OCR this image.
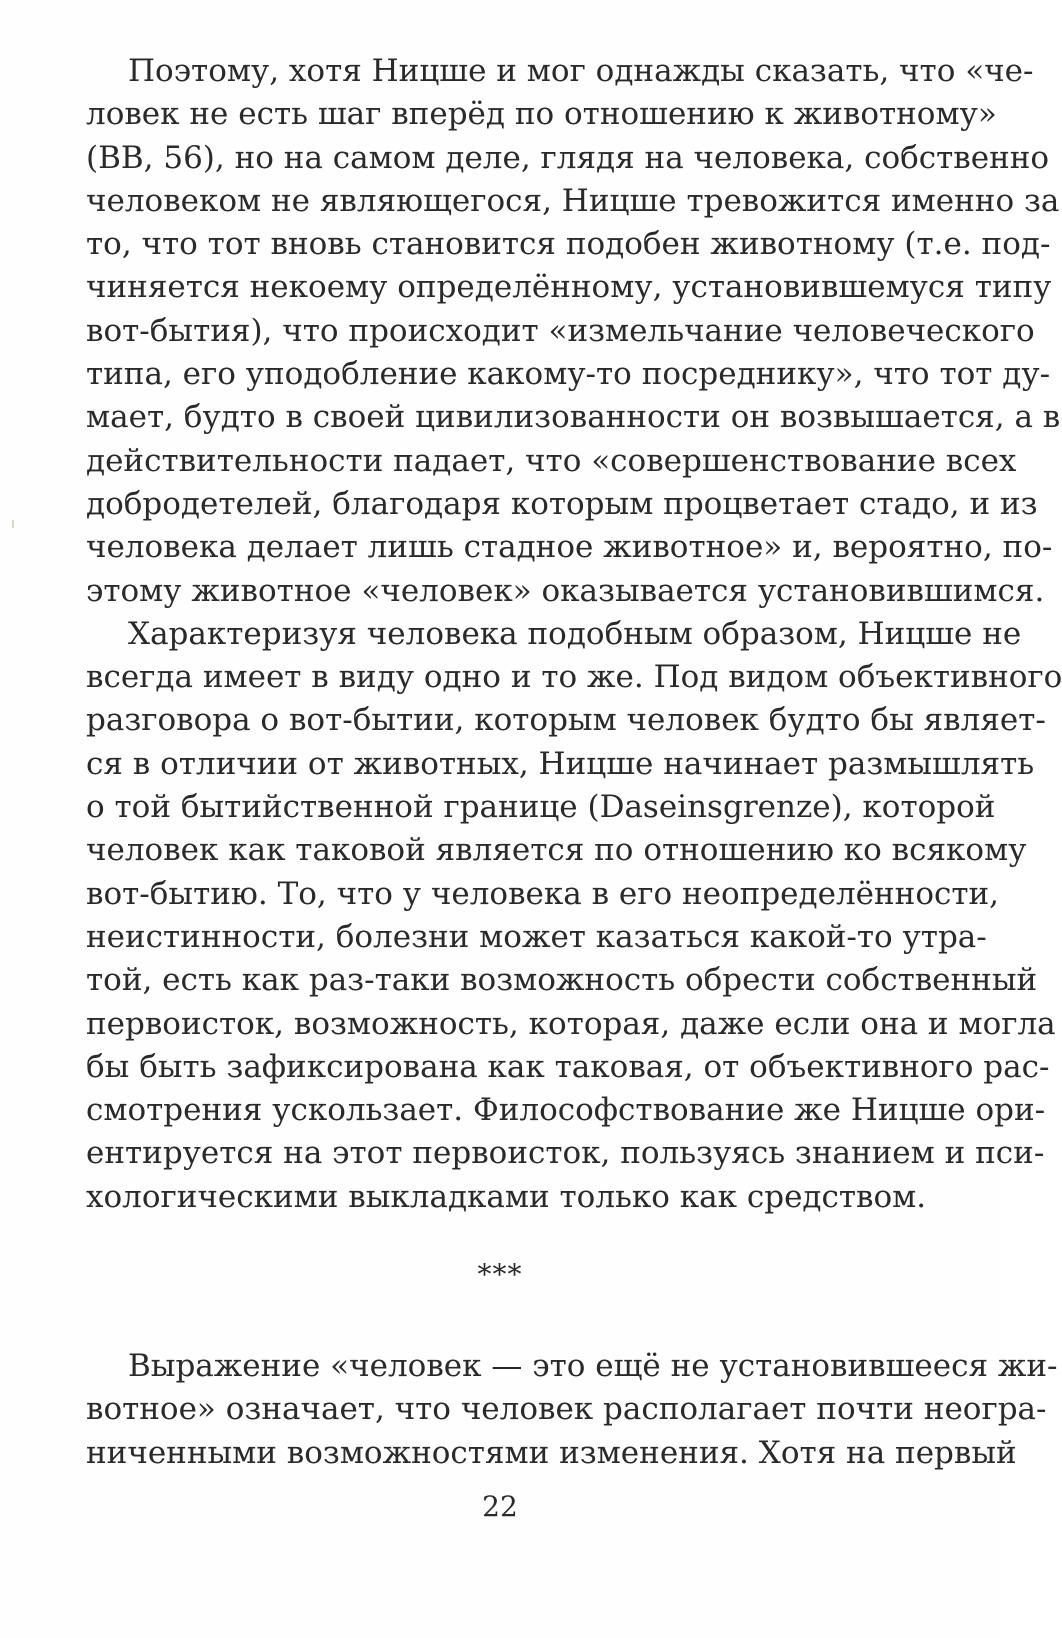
Поэтому, хотя Ницше и мог однажды сказать, что «че-
ловек не есть шаг вперёд по отношению к животному»
(ВВ, 56), но на самом деле, глядя на человека, собственно
человеком не являющегося, Ницше тревожится именно за
то, что тот вновь становится подобен животному (т.е. под-
чиняется некоему определённому, установившемуся типу
вот-бытия), что происходит «измельчание человеческого
типа, его уподобление какому-то посреднику», что тот ду-
мает, будто в своей цивилизованности он возвышается, а в
действительности падает, что «совершенствование всех
добродетелей, благодаря которым процветает стадо, и из
человека делает лишь стадное животное» и, вероятно, по-
этому животное «человек» оказывается установившимся.
Характеризуя человека подобным образом, Ницше не
всегда имеет в виду одно и то же. Под видом объективного
разговора о вот-бытии, которым человек будто бы являет-
ся в отличии от животных, Ницше начинает размышлять
о той бытийственной границе (Daseinsgrenze), которой
человек как таковой является по отношению ко всякому
вот-бытию. То, что у человека в его неопределённости,
неистинности, болезни может казаться какой-то утра-
той, есть как раз-таки возможность обрести собственный
первоисток, возможность, которая, даже если она и могла
бы быть зафиксирована как таковая, от объективного рас-
смотрения ускользает. Философствование же Ницше ори-
ентируется на этот первоисток, пользуясь знанием и пси-
хологическими выкладками только как средством.
***
Выражение «человек — это ещё не установившееся жи-
вотное» означает, что человек располагает почти неогра-
ниченными возможностями изменения. Хотя на первый
22
